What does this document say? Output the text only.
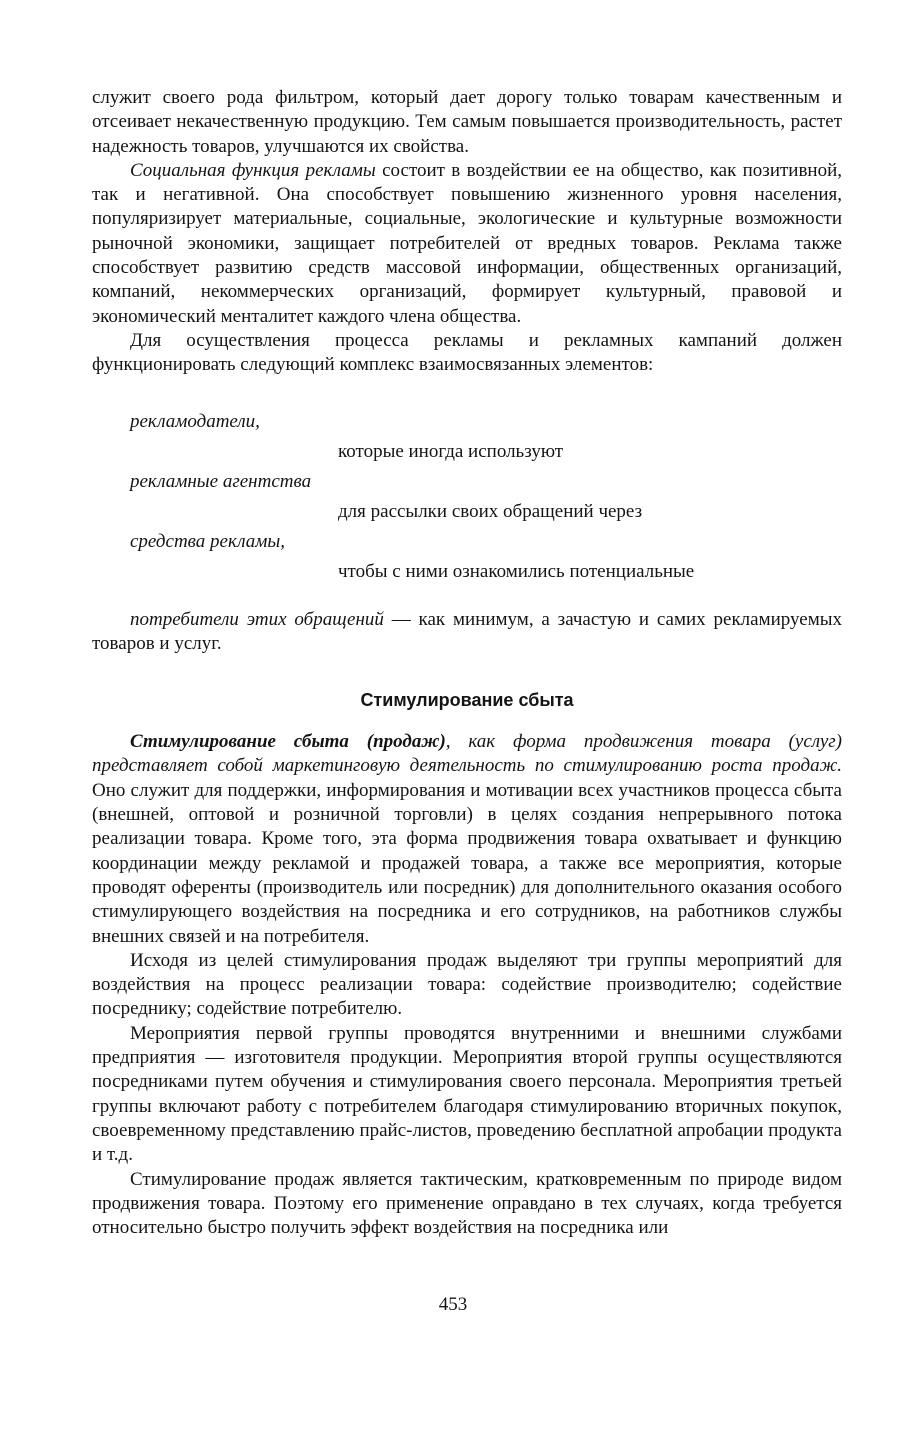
служит своего рода фильтром, который дает дорогу только товарам качественным и отсеивает некачественную продукцию. Тем самым повышается производительность, растет надежность товаров, улучшаются их свойства.

Социальная функция рекламы состоит в воздействии ее на общество, как позитивной, так и негативной. Она способствует повышению жизненного уровня населения, популяризирует материальные, социальные, экологические и культурные возможности рыночной экономики, защищает потребителей от вредных товаров. Реклама также способствует развитию средств массовой информации, общественных организаций, компаний, некоммерческих организаций, формирует культурный, правовой и экономический менталитет каждого члена общества.

Для осуществления процесса рекламы и рекламных кампаний должен функционировать следующий комплекс взаимосвязанных элементов:

рекламодатели,
которые иногда используют
рекламные агентства
для рассылки своих обращений через
средства рекламы,
чтобы с ними ознакомились потенциальные

потребители этих обращений — как минимум, а зачастую и самих рекламируемых товаров и услуг.

Стимулирование сбыта

Стимулирование сбыта (продаж), как форма продвижения товара (услуг) представляет собой маркетинговую деятельность по стимулированию роста продаж. Оно служит для поддержки, информирования и мотивации всех участников процесса сбыта (внешней, оптовой и розничной торговли) в целях создания непрерывного потока реализации товара. Кроме того, эта форма продвижения товара охватывает и функцию координации между рекламой и продажей товара, а также все мероприятия, которые проводят оференты (производитель или посредник) для дополнительного оказания особого стимулирующего воздействия на посредника и его сотрудников, на работников службы внешних связей и на потребителя.

Исходя из целей стимулирования продаж выделяют три группы мероприятий для воздействия на процесс реализации товара: содействие производителю; содействие посреднику; содействие потребителю.

Мероприятия первой группы проводятся внутренними и внешними службами предприятия — изготовителя продукции. Мероприятия второй группы осуществляются посредниками путем обучения и стимулирования своего персонала. Мероприятия третьей группы включают работу с потребителем благодаря стимулированию вторичных покупок, своевременному представлению прайс-листов, проведению бесплатной апробации продукта и т.д.

Стимулирование продаж является тактическим, кратковременным по природе видом продвижения товара. Поэтому его применение оправдано в тех случаях, когда требуется относительно быстро получить эффект воздействия на посредника или

453
